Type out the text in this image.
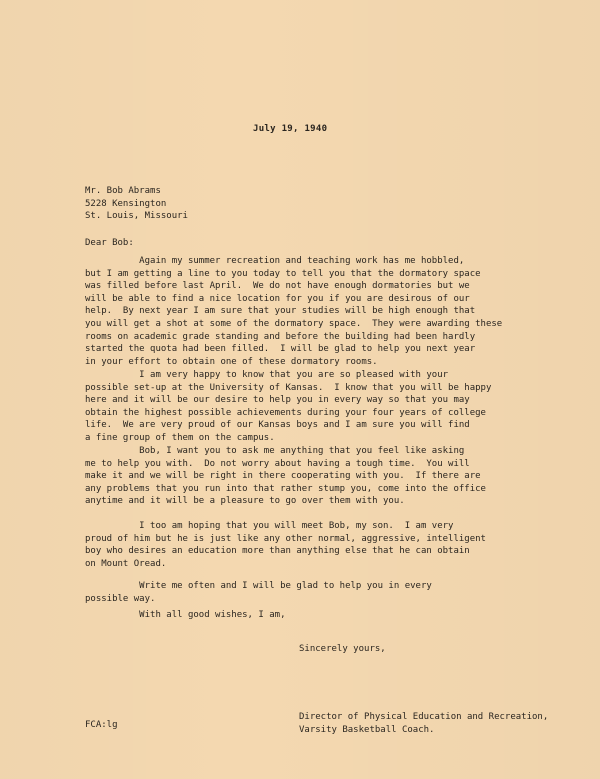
July 19, 1940
Mr. Bob Abrams
5228 Kensington
St. Louis, Missouri
Dear Bob:
Again my summer recreation and teaching work has me hobbled,
but I am getting a line to you today to tell you that the dormatory space
was filled before last April.  We do not have enough dormatories but we
will be able to find a nice location for you if you are desirous of our
help.  By next year I am sure that your studies will be high enough that
you will get a shot at some of the dormatory space.  They were awarding these
rooms on academic grade standing and before the building had been hardly
started the quota had been filled.  I will be glad to help you next year
in your effort to obtain one of these dormatory rooms.
I am very happy to know that you are so pleased with your
possible set-up at the University of Kansas.  I know that you will be happy
here and it will be our desire to help you in every way so that you may
obtain the highest possible achievements during your four years of college
life.  We are very proud of our Kansas boys and I am sure you will find
a fine group of them on the campus.
Bob, I want you to ask me anything that you feel like asking
me to help you with.  Do not worry about having a tough time.  You will
make it and we will be right in there cooperating with you.  If there are
any problems that you run into that rather stump you, come into the office
anytime and it will be a pleasure to go over them with you.
I too am hoping that you will meet Bob, my son.  I am very
proud of him but he is just like any other normal, aggressive, intelligent
boy who desires an education more than anything else that he can obtain
on Mount Oread.
Write me often and I will be glad to help you in every
possible way.
With all good wishes, I am,
Sincerely yours,
Director of Physical Education and Recreation,
Varsity Basketball Coach.
FCA:lg
